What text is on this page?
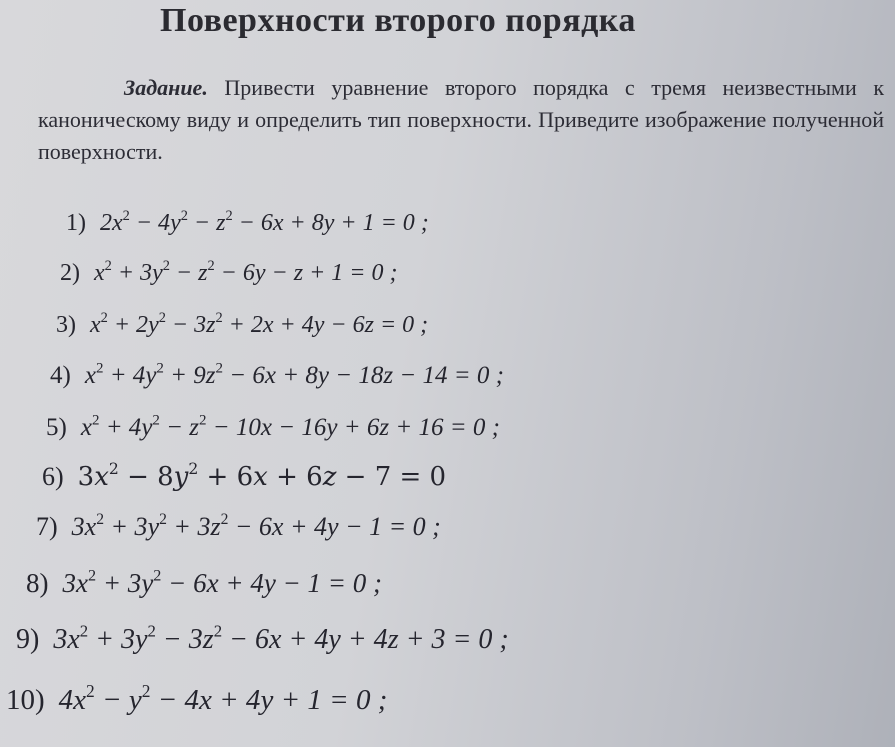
Поверхности второго порядка
Задание. Привести уравнение второго порядка с тремя неизвестными к каноническому виду и определить тип поверхности. Приведите изображение полученной поверхности.
1) $2x^2 - 4y^2 - z^2 - 6x + 8y + 1 = 0$ ;
2) $x^2 + 3y^2 - z^2 - 6y - z + 1 = 0$ ;
3) $x^2 + 2y^2 - 3z^2 + 2x + 4y - 6z = 0$ ;
4) $x^2 + 4y^2 + 9z^2 - 6x + 8y - 18z - 14 = 0$ ;
5) $x^2 + 4y^2 - z^2 - 10x - 16y + 6z + 16 = 0$ ;
6) $3x^2 - 8y^2 + 6x + 6z - 7 = 0$
7) $3x^2 + 3y^2 + 3z^2 - 6x + 4y - 1 = 0$ ;
8) $3x^2 + 3y^2 - 6x + 4y - 1 = 0$ ;
9) $3x^2 + 3y^2 - 3z^2 - 6x + 4y + 4z + 3 = 0$ ;
10) $4x^2 - y^2 - 4x + 4y + 1 = 0$ ;
